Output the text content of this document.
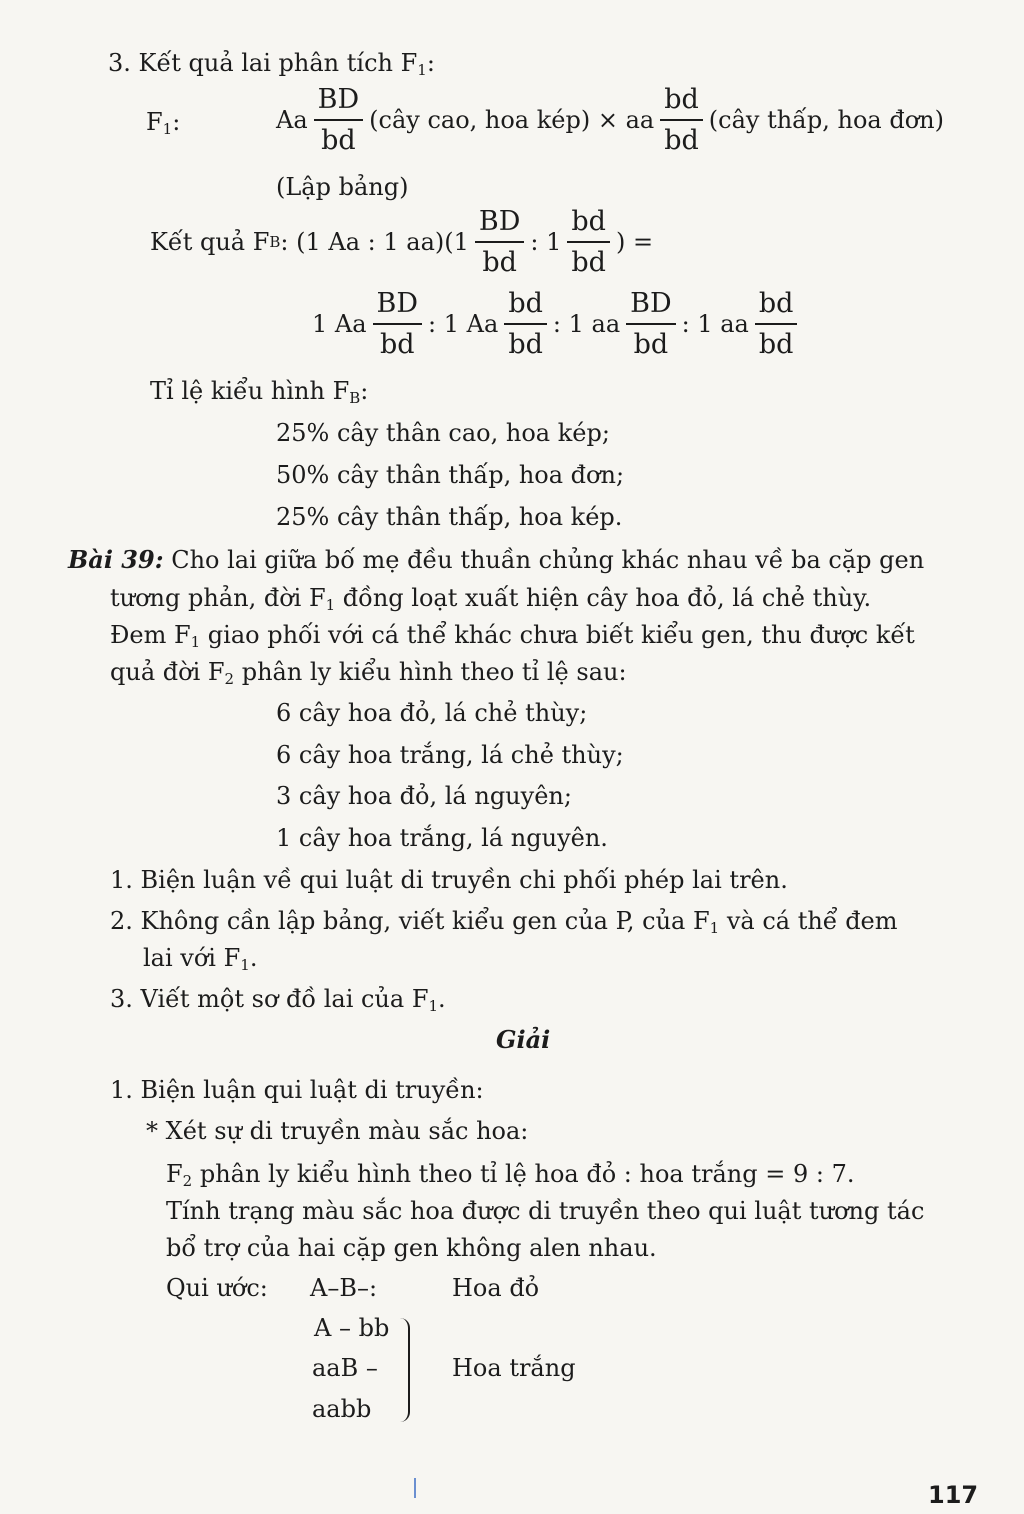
3. Kết quả lai phân tích $F_1$:
$F_1$:	Aa $\frac{BD}{bd}$ (cây cao, hoa kép) × aa $\frac{bd}{bd}$ (cây thấp, hoa đơn)
(Lập bảng)
Kết quả F B : (1 Aa : 1 $aa)(1 \frac{BD}{bd}$ : $1 \frac{bd}{bd}$ ) =
1 Aa $\frac{BD}{bd}$ : 1 Aa $\frac{bd}{bd}$ : 1 aa $\frac{BD}{bd}$ : 1 aa $\frac{bd}{bd}$
Tỉ lệ kiểu hình $F_B$:
25% cây thân cao, hoa kép;
50% cây thân thấp, hoa đơn;
25% cây thân thấp, hoa kép.
Bài 39: Cho lai giữa bố mẹ đều thuần chủng khác nhau về ba cặp gen
tương phản, đời $F_1$ đồng loạt xuất hiện cây hoa đỏ, lá chẻ thùy.
Đem $F_1$ giao phối với cá thể khác chưa biết kiểu gen, thu được kết
quả đời $F_2$ phân ly kiểu hình theo tỉ lệ sau:
6 cây hoa đỏ, lá chẻ thùy;
6 cây hoa trắng, lá chẻ thùy;
3 cây hoa đỏ, lá nguyên;
1 cây hoa trắng, lá nguyên.
1. Biện luận về qui luật di truyền chi phối phép lai trên.
2. Không cần lập bảng, viết kiểu gen của P, của $F_1$ và cá thể đem
lai với $F_1$.
3. Viết một sơ đồ lai của $F_1$.
Giải
1. Biện luận qui luật di truyền:
* Xét sự di truyền màu sắc hoa:
$F_2$ phân ly kiểu hình theo tỉ lệ hoa đỏ : hoa trắng = 9 : 7.
Tính trạng màu sắc hoa được di truyền theo qui luật tương tác
bổ trợ của hai cặp gen không alen nhau.
Qui ước: A–B–:	Hoa đỏ
A – bb
aaB –
aabb
Hoa trắng
117
